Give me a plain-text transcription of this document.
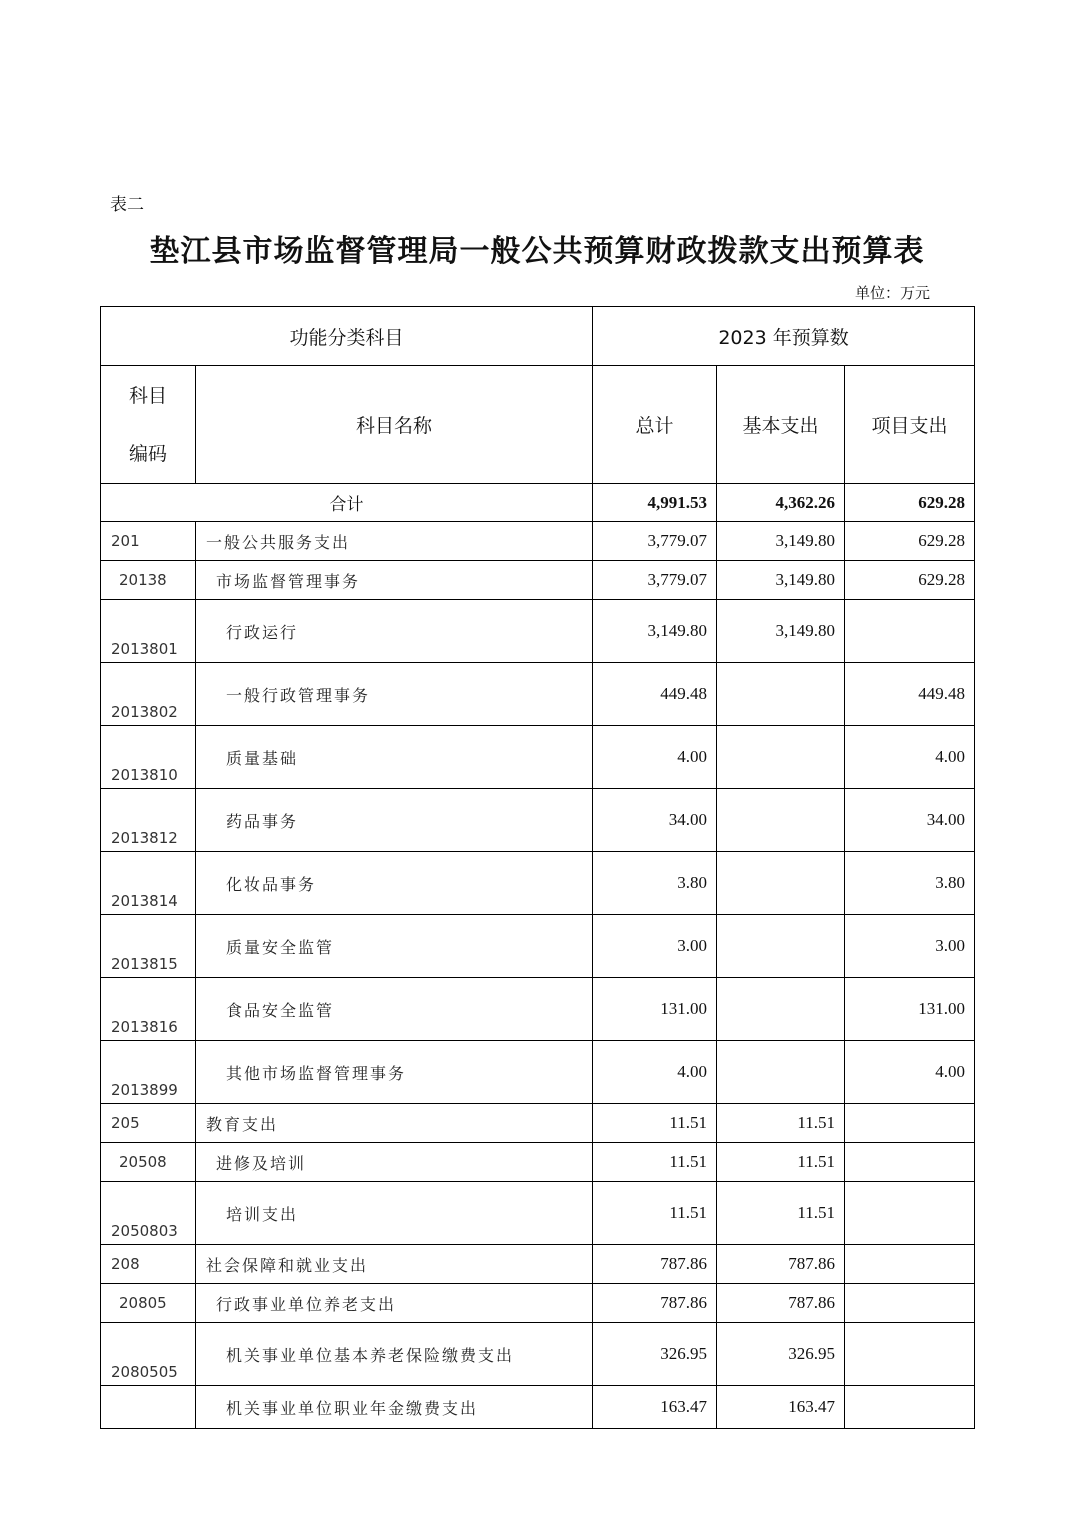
表二
垫江县市场监督管理局一般公共预算财政拨款支出预算表
单位：万元
功能分类科目		2023 年预算数		

科目
编码	科目名称	总计	基本支出	项目支出
合计		4,991.53	4,362.26	629.28
201	一般公共服务支出	3,779.07	3,149.80	629.28
20138	市场监督管理事务	3,779.07	3,149.80	629.28
2013801	行政运行	3,149.80	3,149.80	
2013802	一般行政管理事务	449.48		449.48
2013810	质量基础	4.00		4.00
2013812	药品事务	34.00		34.00
2013814	化妆品事务	3.80		3.80
2013815	质量安全监管	3.00		3.00
2013816	食品安全监管	131.00		131.00
2013899	其他市场监督管理事务	4.00		4.00
205	教育支出	11.51	11.51	
20508	进修及培训	11.51	11.51	
2050803	培训支出	11.51	11.51	
208	社会保障和就业支出	787.86	787.86	
20805	行政事业单位养老支出	787.86	787.86	
2080505	机关事业单位基本养老保险缴费支出	326.95	326.95	
	机关事业单位职业年金缴费支出	163.47	163.47	
